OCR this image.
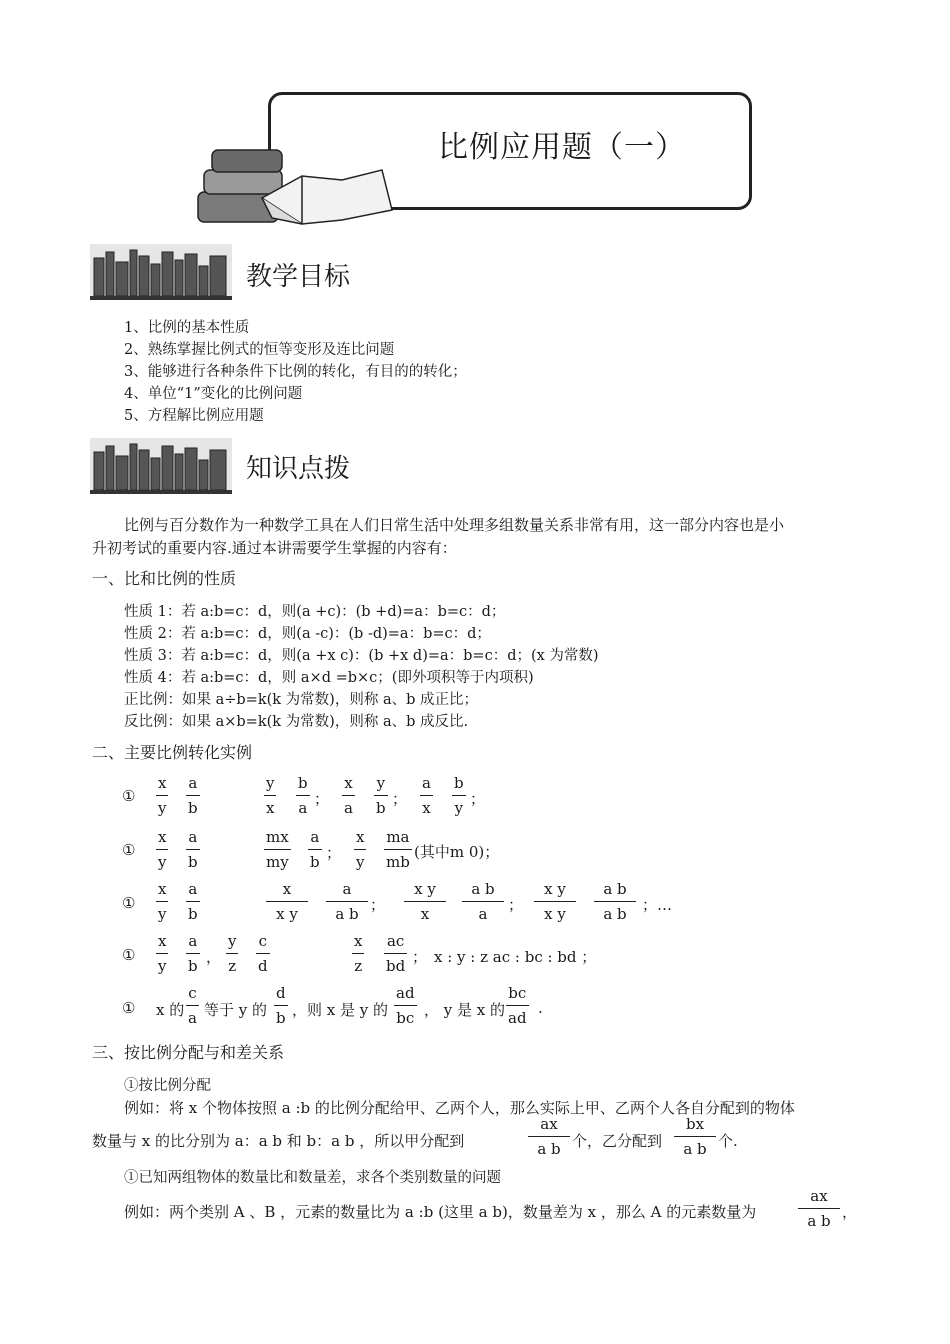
比例应用题（一）
教学目标
1、比例的基本性质
2、熟练掌握比例式的恒等变形及连比问题
3、能够进行各种条件下比例的转化，有目的的转化；
4、单位“1”变化的比例问题
5、方程解比例应用题
知识点拨
比例与百分数作为一种数学工具在人们日常生活中处理多组数量关系非常有用，这一部分内容也是小
升初考试的重要内容.通过本讲需要学生掌握的内容有：
一、比和比例的性质
性质 1：若 a:b=c：d，则(a +c)：(b +d)=a：b=c：d；
性质 2：若 a:b=c：d，则(a -c)：(b -d)=a：b=c：d；
性质 3：若 a:b=c：d，则(a +x c)：(b +x d)=a：b=c：d；(x 为常数)
性质 4：若 a:b=c：d，则 a×d =b×c；(即外项积等于内项积)
正比例：如果 a÷b=k(k 为常数)，则称 a、b 成正比；
反比例：如果 a×b=k(k 为常数)，则称 a、b 成反比.
二、主要比例转化实例
① $\frac{x}{y} \frac{a}{b}$	$\frac{y}{x} \frac{b}{a}$ ； $\frac{x}{a} \frac{y}{b}$ ； $\frac{a}{x} \frac{b}{y}$ ；
① $\frac{x}{y} \frac{a}{b}$	$\frac{mx}{my} \frac{a}{b}$ ； $\frac{x}{y} \frac{ma}{mb}$ (其中m 0)；
① $\frac{x}{y} \frac{a}{b}$	$\frac{x}{\text{x y}} \frac{a}{\text{a b}}$ ； $\frac{\text{x y}}{x} \frac{\text{a b}}{a}$ ； $\frac{\text{x y}}{\text{x y}} \frac{\text{a b}}{\text{a b}}$ ；…
① $\frac{x}{y} \frac{a}{b}$ ， $\frac{y}{z} \frac{c}{d}$	$\frac{x}{z} \frac{ac}{bd}$ ； x : y : z ac : bc : bd ；
① x 的 $\frac{c}{a}$ 等于 y 的 $\frac{d}{b}$ ，则 x 是 y 的 $\frac{ad}{bc}$ ， y 是 x 的 $\frac{bc}{ad}$ .
三、按比例分配与和差关系
①按比例分配
例如：将 x 个物体按照 a :b 的比例分配给甲、乙两个人，那么实际上甲、乙两个人各自分配到的物体
数量与 x 的比分别为 a：a b 和 b：a b ，所以甲分配到	$\frac{ax}{\text{a b}}$ 个，乙分配到 $\frac{bx}{\text{a b}}$ 个.
①已知两组物体的数量比和数量差，求各个类别数量的问题
例如：两个类别 A 、B ，元素的数量比为 a :b (这里 a b)，数量差为 x ，那么 A 的元素数量为	$\frac{ax}{\text{a b}}$ ，
